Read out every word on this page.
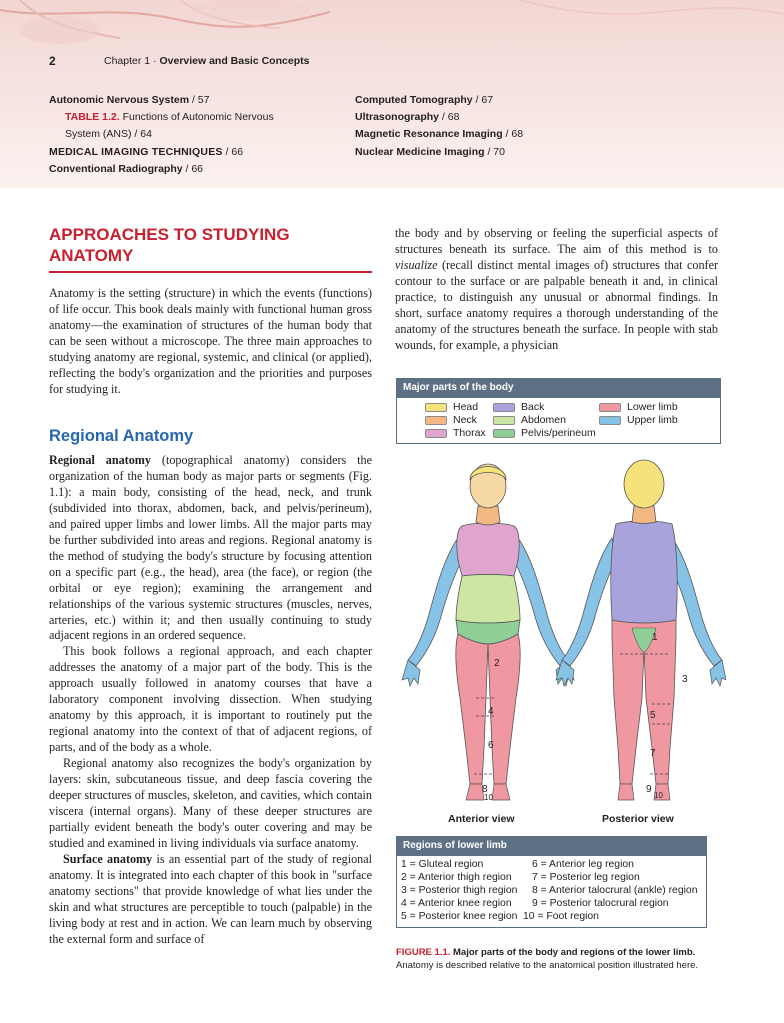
2	Chapter 1 · Overview and Basic Concepts
Autonomic Nervous System / 57
TABLE 1.2. Functions of Autonomic Nervous
System (ANS) / 64
MEDICAL IMAGING TECHNIQUES / 66
Conventional Radiography / 66
Computed Tomography / 67
Ultrasonography / 68
Magnetic Resonance Imaging / 68
Nuclear Medicine Imaging / 70
APPROACHES TO STUDYING ANATOMY

Anatomy is the setting (structure) in which the events (functions) of life occur. This book deals mainly with functional human gross anatomy—the examination of structures of the human body that can be seen without a microscope. The three main approaches to studying anatomy are regional, systemic, and clinical (or applied), reflecting the body's organization and the priorities and purposes for studying it.

Regional Anatomy

Regional anatomy (topographical anatomy) considers the organization of the human body as major parts or segments (Fig. 1.1): a main body, consisting of the head, neck, and trunk (subdivided into thorax, abdomen, back, and pelvis/perineum), and paired upper limbs and lower limbs. All the major parts may be further subdivided into areas and regions. Regional anatomy is the method of studying the body's structure by focusing attention on a specific part (e.g., the head), area (the face), or region (the orbital or eye region); examining the arrangement and relationships of the various systemic structures (muscles, nerves, arteries, etc.) within it; and then usually continuing to study adjacent regions in an ordered sequence.

This book follows a regional approach, and each chapter addresses the anatomy of a major part of the body. This is the approach usually followed in anatomy courses that have a laboratory component involving dissection. When studying anatomy by this approach, it is important to routinely put the regional anatomy into the context of that of adjacent regions, of parts, and of the body as a whole.

Regional anatomy also recognizes the body's organization by layers: skin, subcutaneous tissue, and deep fascia covering the deeper structures of muscles, skeleton, and cavities, which contain viscera (internal organs). Many of these deeper structures are partially evident beneath the body's outer covering and may be studied and examined in living individuals via surface anatomy.

Surface anatomy is an essential part of the study of regional anatomy. It is integrated into each chapter of this book in "surface anatomy sections" that provide knowledge of what lies under the skin and what structures are perceptible to touch (palpable) in the living body at rest and in action. We can learn much by observing the external form and surface of

the body and by observing or feeling the superficial aspects of structures beneath its surface. The aim of this method is to visualize (recall distinct mental images of) structures that confer contour to the surface or are palpable beneath it and, in clinical practice, to distinguish any unusual or abnormal findings. In short, surface anatomy requires a thorough understanding of the anatomy of the structures beneath the surface. In people with stab wounds, for example, a physician

Major parts of the body
Head
Neck
Thorax
Back
Abdomen
Pelvis/perineum
Lower limb
Upper limb
2
4
6
8
10
1
3
5
7
9
10
Anterior view	Posterior view
Regions of lower limb
1 = Gluteal region
2 = Anterior thigh region
3 = Posterior thigh region
4 = Anterior knee region
5 = Posterior knee region
6 = Anterior leg region
7 = Posterior leg region
8 = Anterior talocrural (ankle) region
9 = Posterior talocrural region
10 = Foot region
FIGURE 1.1. Major parts of the body and regions of the lower limb.
Anatomy is described relative to the anatomical position illustrated here.
